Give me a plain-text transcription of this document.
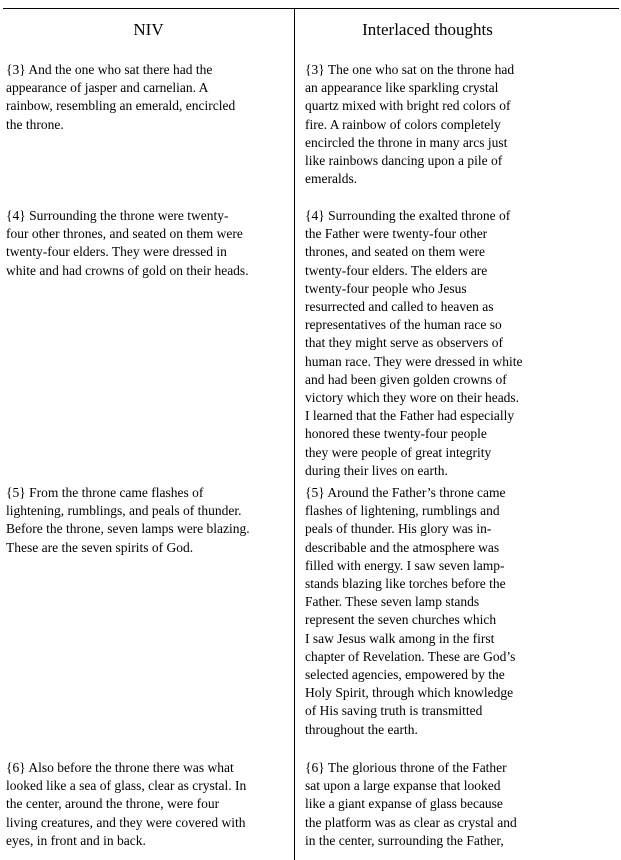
NIV	Interlaced thoughts

{3} And the one who sat there had the
appearance of jasper and carnelian. A
rainbow, resembling an emerald, encircled
the throne.

{3} The one who sat on the throne had
an appearance like sparkling crystal
quartz mixed with bright red colors of
fire. A rainbow of colors completely
encircled the throne in many arcs just
like rainbows dancing upon a pile of
emeralds.

{4} Surrounding the throne were twenty-
four other thrones, and seated on them were
twenty-four elders. They were dressed in
white and had crowns of gold on their heads.

{4} Surrounding the exalted throne of
the Father were twenty-four other
thrones, and seated on them were
twenty-four elders. The elders are
twenty-four people who Jesus
resurrected and called to heaven as
representatives of the human race so
that they might serve as observers of
human race. They were dressed in white
and had been given golden crowns of
victory which they wore on their heads.
I learned that the Father had especially
honored these twenty-four people
they were people of great integrity
during their lives on earth.

{5} From the throne came flashes of
lightening, rumblings, and peals of thunder.
Before the throne, seven lamps were blazing.
These are the seven spirits of God.

{5} Around the Father’s throne came
flashes of lightening, rumblings and
peals of thunder. His glory was in-
describable and the atmosphere was
filled with energy. I saw seven lamp-
stands blazing like torches before the
Father. These seven lamp stands
represent the seven churches which
I saw Jesus walk among in the first
chapter of Revelation. These are God’s
selected agencies, empowered by the
Holy Spirit, through which knowledge
of His saving truth is transmitted
throughout the earth.

{6} Also before the throne there was what
looked like a sea of glass, clear as crystal. In
the center, around the throne, were four
living creatures, and they were covered with
eyes, in front and in back.

{6} The glorious throne of the Father
sat upon a large expanse that looked
like a giant expanse of glass because
the platform was as clear as crystal and
in the center, surrounding the Father,
